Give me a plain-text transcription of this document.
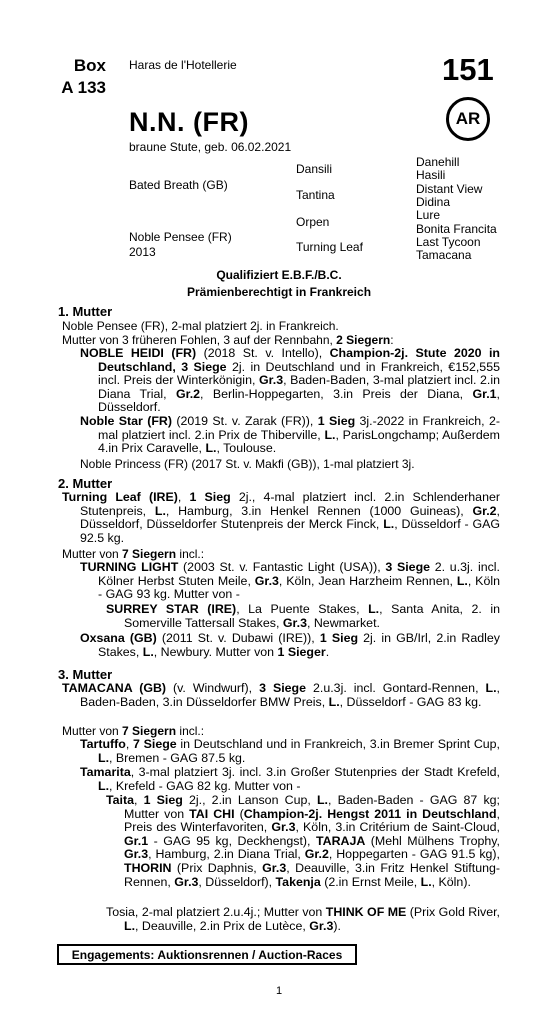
Box
A 133
Haras de l'Hotellerie	151
AR
N.N. (FR)
braune Stute, geb. 06.02.2021
Bated Breath (GB)
Noble Pensee (FR)
2013
Dansili
Tantina
Orpen
Turning Leaf
Danehill
Hasili
Distant View
Didina
Lure
Bonita Francita
Last Tycoon
Tamacana
Qualifiziert E.B.F./B.C.
Prämienberechtigt in Frankreich
1. Mutter
Noble Pensee (FR), 2-mal platziert 2j. in Frankreich.
Mutter von 3 früheren Fohlen, 3 auf der Rennbahn, 2 Siegern:
NOBLE HEIDI (FR) (2018 St. v. Intello), Champion-2j. Stute 2020 in Deutschland, 3 Siege 2j. in Deutschland und in Frankreich, €152,555 incl. Preis der Winterkönigin, Gr.3, Baden-Baden, 3-mal platziert incl. 2.in Diana Trial, Gr.2, Berlin-Hoppegarten, 3.in Preis der Diana, Gr.1, Düsseldorf.
Noble Star (FR) (2019 St. v. Zarak (FR)), 1 Sieg 3j.-2022 in Frankreich, 2-mal platziert incl. 2.in Prix de Thiberville, L., ParisLongchamp; Außerdem 4.in Prix Caravelle, L., Toulouse.
Noble Princess (FR) (2017 St. v. Makfi (GB)), 1-mal platziert 3j.
2. Mutter
Turning Leaf (IRE), 1 Sieg 2j., 4-mal platziert incl. 2.in Schlenderhaner Stutenpreis, L., Hamburg, 3.in Henkel Rennen (1000 Guineas), Gr.2, Düsseldorf, Düsseldorfer Stutenpreis der Merck Finck, L., Düsseldorf - GAG 92.5 kg.
Mutter von 7 Siegern incl.:
TURNING LIGHT (2003 St. v. Fantastic Light (USA)), 3 Siege 2. u.3j. incl. Kölner Herbst Stuten Meile, Gr.3, Köln, Jean Harzheim Rennen, L., Köln - GAG 93 kg. Mutter von -
SURREY STAR (IRE), La Puente Stakes, L., Santa Anita, 2. in Somerville Tattersall Stakes, Gr.3, Newmarket.
Oxsana (GB) (2011 St. v. Dubawi (IRE)), 1 Sieg 2j. in GB/Irl, 2.in Radley Stakes, L., Newbury. Mutter von 1 Sieger.
3. Mutter
TAMACANA (GB) (v. Windwurf), 3 Siege 2.u.3j. incl. Gontard-Rennen, L., Baden-Baden, 3.in Düsseldorfer BMW Preis, L., Düsseldorf - GAG 83 kg.
Mutter von 7 Siegern incl.:
Tartuffo, 7 Siege in Deutschland und in Frankreich, 3.in Bremer Sprint Cup, L., Bremen - GAG 87.5 kg.
Tamarita, 3-mal platziert 3j. incl. 3.in Großer Stutenpries der Stadt Krefeld, L., Krefeld - GAG 82 kg. Mutter von -
Taita, 1 Sieg 2j., 2.in Lanson Cup, L., Baden-Baden - GAG 87 kg; Mutter von TAI CHI (Champion-2j. Hengst 2011 in Deutschland, Preis des Winterfavoriten, Gr.3, Köln, 3.in Critérium de Saint-Cloud, Gr.1 - GAG 95 kg, Deckhengst), TARAJA (Mehl Mülhens Trophy, Gr.3, Hamburg, 2.in Diana Trial, Gr.2, Hoppegarten - GAG 91.5 kg), THORIN (Prix Daphnis, Gr.3, Deauville, 3.in Fritz Henkel Stiftung-Rennen, Gr.3, Düsseldorf), Takenja (2.in Ernst Meile, L., Köln).
Tosia, 2-mal platziert 2.u.4j.; Mutter von THINK OF ME (Prix Gold River, L., Deauville, 2.in Prix de Lutèce, Gr.3).
Engagements: Auktionsrennen / Auction-Races
1
